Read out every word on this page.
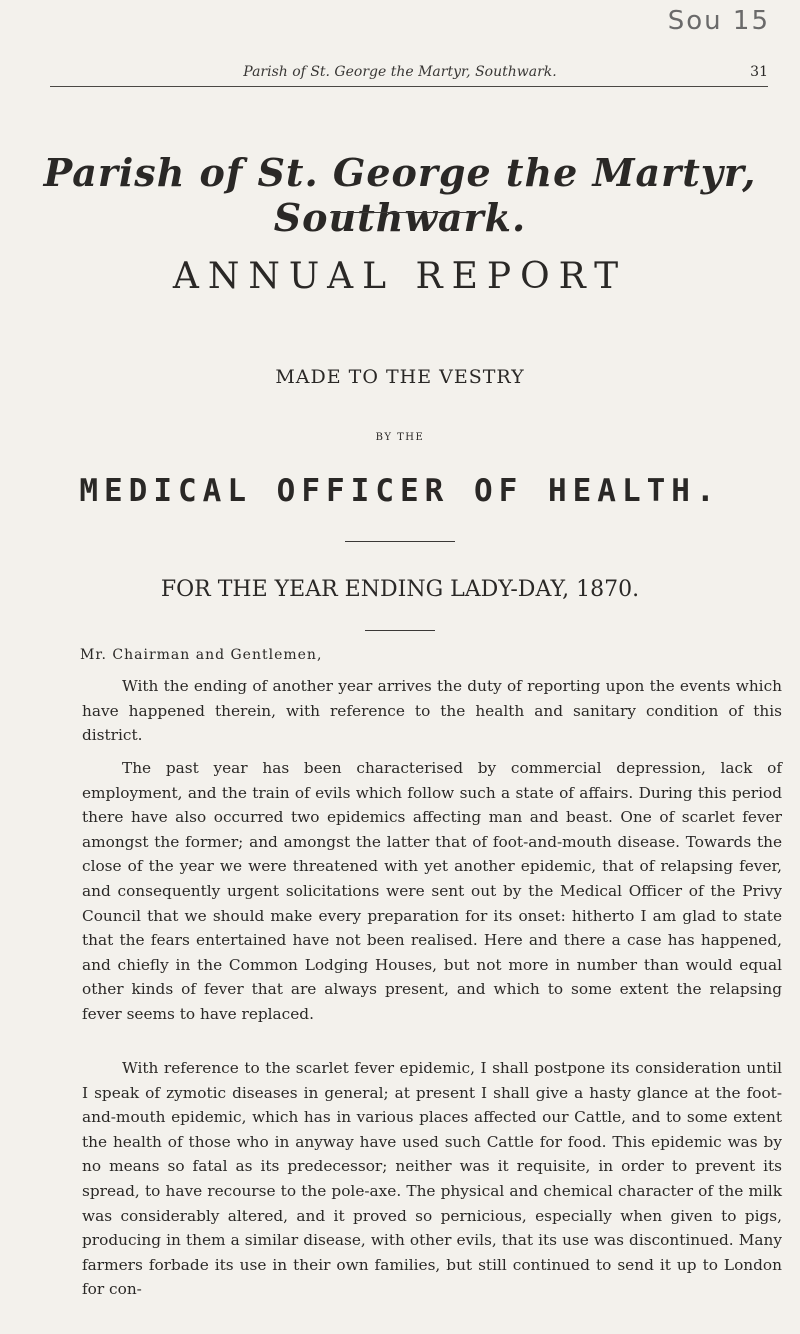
Sou 15
Parish of St. George the Martyr, Southwark.	31
Parish of St. George the Martyr, Southwark.
ANNUAL REPORT
MADE TO THE VESTRY
BY THE
MEDICAL OFFICER OF HEALTH.
FOR THE YEAR ENDING LADY-DAY, 1870.
Mr. Chairman and Gentlemen,
With the ending of another year arrives the duty of reporting upon the events which have happened therein, with reference to the health and sanitary condition of this district.
The past year has been characterised by commercial depression, lack of employment, and the train of evils which follow such a state of affairs. During this period there have also occurred two epidemics affecting man and beast. One of scarlet fever amongst the former; and amongst the latter that of foot-and-mouth disease. Towards the close of the year we were threatened with yet another epidemic, that of relapsing fever, and consequently urgent solicitations were sent out by the Medical Officer of the Privy Council that we should make every preparation for its onset: hitherto I am glad to state that the fears entertained have not been realised. Here and there a case has happened, and chiefly in the Common Lodging Houses, but not more in number than would equal other kinds of fever that are always present, and which to some extent the relapsing fever seems to have replaced.
With reference to the scarlet fever epidemic, I shall postpone its consideration until I speak of zymotic diseases in general; at present I shall give a hasty glance at the foot-and-mouth epidemic, which has in various places affected our Cattle, and to some extent the health of those who in anyway have used such Cattle for food. This epidemic was by no means so fatal as its predecessor; neither was it requisite, in order to prevent its spread, to have recourse to the pole-axe. The physical and chemical character of the milk was considerably altered, and it proved so pernicious, especially when given to pigs, producing in them a similar disease, with other evils, that its use was discontinued. Many farmers forbade its use in their own families, but still continued to send it up to London for con-
